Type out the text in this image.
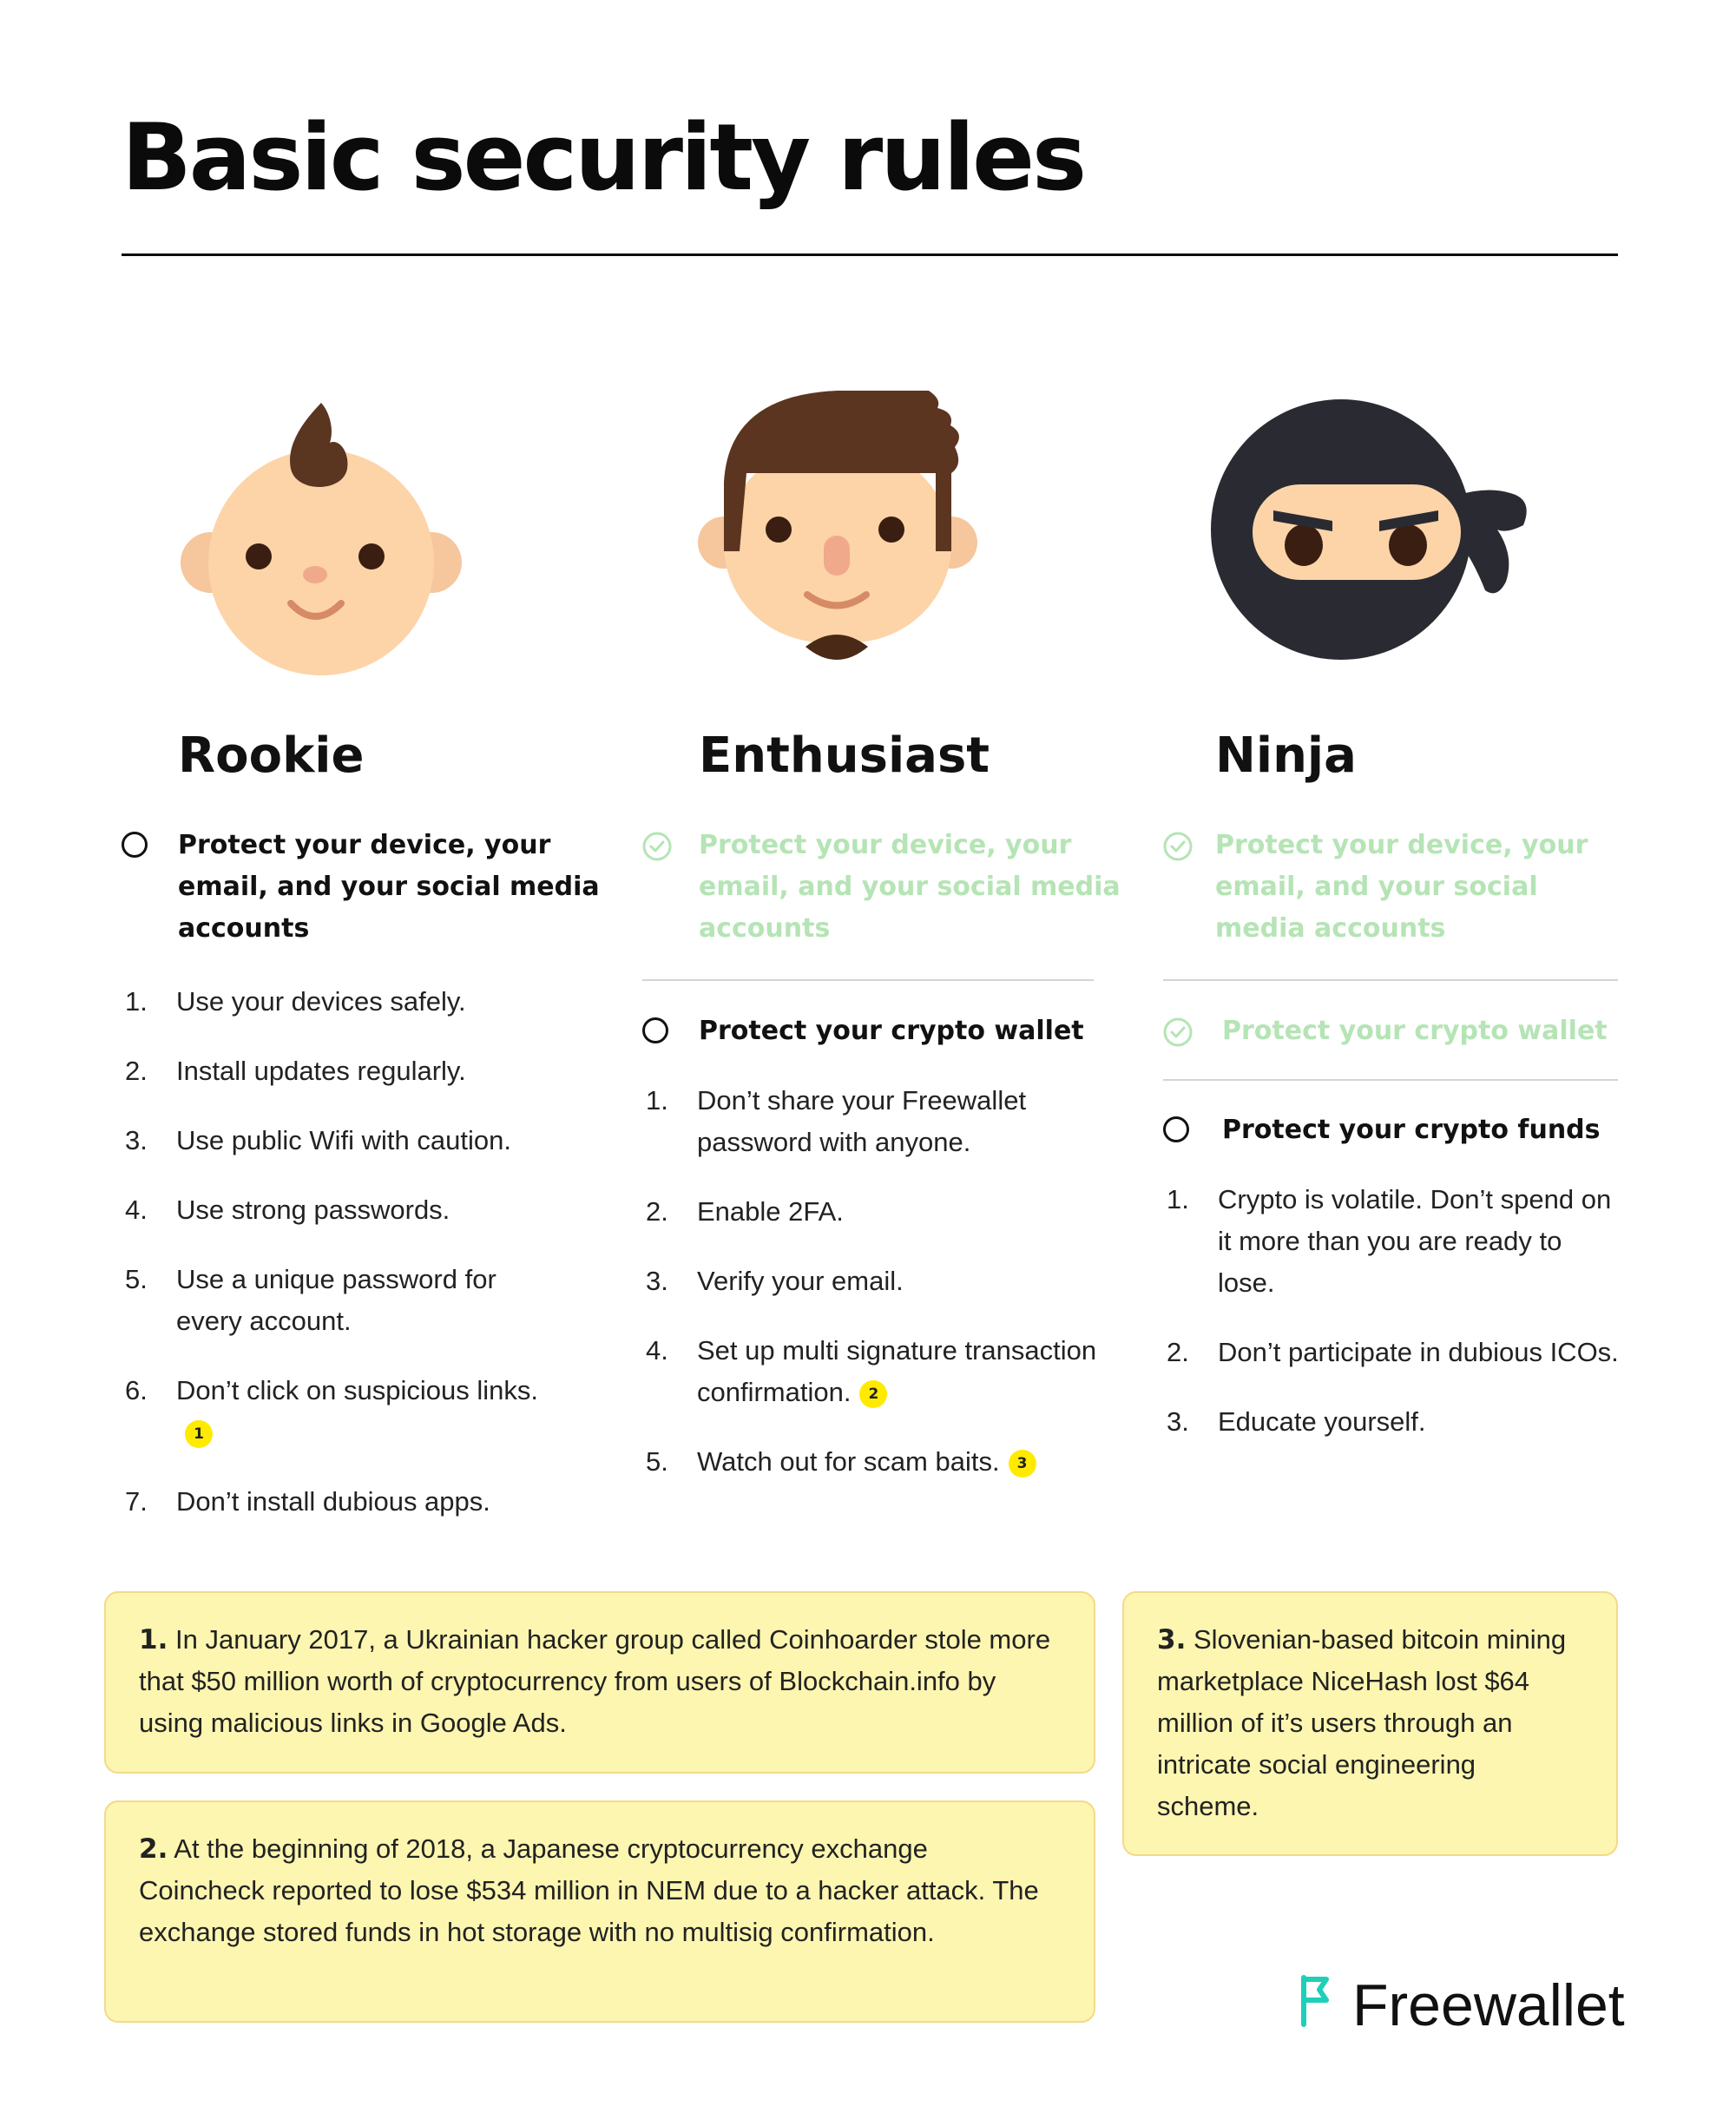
Basic security rules
Rookie	Enthusiast	Ninja
Protect your device, your email, and your social media accounts
1. Use your devices safely.
2. Install updates regularly.
3. Use public Wifi with caution.
4. Use strong passwords.
5. Use a unique password for every account.
6. Don’t click on suspicious links.1
7. Don’t install dubious apps.
Protect your device, your email, and your social media accounts
Protect your crypto wallet
1. Don’t share your Freewallet password with anyone.
2. Enable 2FA.
3. Verify your email.
4. Set up multi signature transaction confirmation. 2
5. Watch out for scam baits. 3
Protect your device, your email, and your social media accounts
Protect your crypto wallet
Protect your crypto funds
1. Crypto is volatile. Don’t spend on it more than you are ready to lose.
2. Don’t participate in dubious ICOs.
3. Educate yourself.
1. In January 2017, a Ukrainian hacker group called Coinhoarder stole more that $50 million worth of cryptocurrency from users of Blockchain.info by using malicious links in Google Ads.
2. At the beginning of 2018, a Japanese cryptocurrency exchange Coincheck reported to lose $534 million in NEM due to a hacker attack. The exchange stored funds in hot storage with no multisig confirmation.
3. Slovenian-based bitcoin mining marketplace NiceHash lost $64 million of it’s users through an intricate social engineering scheme.
Freewallet
